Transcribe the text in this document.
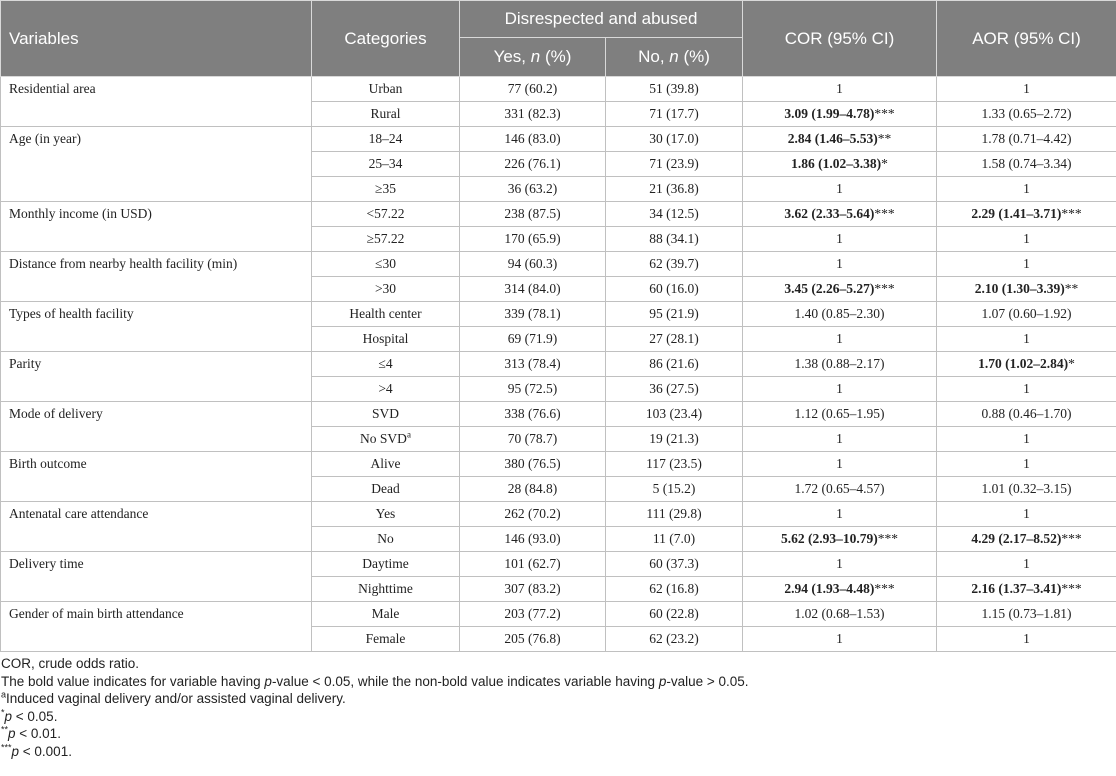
Variables	Categories	Disrespected and abused		COR (95% CI)	AOR (95% CI)
		Yes, n (%)	No, n (%)		
Residential area	Urban	77 (60.2)	51 (39.8)	1	1
	Rural	331 (82.3)	71 (17.7)	3.09 (1.99–4.78)***	1.33 (0.65–2.72)
Age (in year)	18–24	146 (83.0)	30 (17.0)	2.84 (1.46–5.53)**	1.78 (0.71–4.42)
	25–34	226 (76.1)	71 (23.9)	1.86 (1.02–3.38)*	1.58 (0.74–3.34)
	≥35	36 (63.2)	21 (36.8)	1	1
Monthly income (in USD)	<57.22	238 (87.5)	34 (12.5)	3.62 (2.33–5.64)***	2.29 (1.41–3.71)***
	≥57.22	170 (65.9)	88 (34.1)	1	1
Distance from nearby health facility (min)	≤30	94 (60.3)	62 (39.7)	1	1
	>30	314 (84.0)	60 (16.0)	3.45 (2.26–5.27)***	2.10 (1.30–3.39)**
Types of health facility	Health center	339 (78.1)	95 (21.9)	1.40 (0.85–2.30)	1.07 (0.60–1.92)
	Hospital	69 (71.9)	27 (28.1)	1	1
Parity	≤4	313 (78.4)	86 (21.6)	1.38 (0.88–2.17)	1.70 (1.02–2.84)*
	>4	95 (72.5)	36 (27.5)	1	1
Mode of delivery	SVD	338 (76.6)	103 (23.4)	1.12 (0.65–1.95)	0.88 (0.46–1.70)
	No SVD$^a$	70 (78.7)	19 (21.3)	1	1
Birth outcome	Alive	380 (76.5)	117 (23.5)	1	1
	Dead	28 (84.8)	5 (15.2)	1.72 (0.65–4.57)	1.01 (0.32–3.15)
Antenatal care attendance	Yes	262 (70.2)	111 (29.8)	1	1
	No	146 (93.0)	11 (7.0)	5.62 (2.93–10.79)***	4.29 (2.17–8.52)***
Delivery time	Daytime	101 (62.7)	60 (37.3)	1	1
	Nighttime	307 (83.2)	62 (16.8)	2.94 (1.93–4.48)***	2.16 (1.37–3.41)***
Gender of main birth attendance	Male	203 (77.2)	60 (22.8)	1.02 (0.68–1.53)	1.15 (0.73–1.81)
	Female	205 (76.8)	62 (23.2)	1	1

COR, crude odds ratio.

The bold value indicates for variable having p-value < 0.05, while the non-bold value indicates variable having p-value > 0.05.

$^a$Induced vaginal delivery and/or assisted vaginal delivery.

*p < 0.05.

**p < 0.01.

***p < 0.001.
